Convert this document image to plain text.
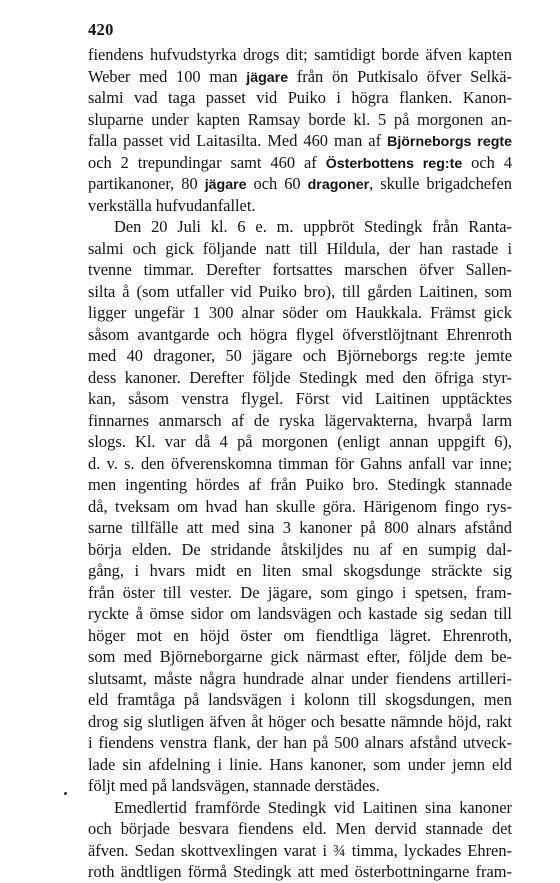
420
fiendens hufvudstyrka drogs dit; samtidigt borde äfven kapten
Weber med 100 man jägare från ön Putkisalo öfver Selkä-
salmi vad taga passet vid Puiko i högra flanken. Kanon-
sluparne under kapten Ramsay borde kl. 5 på morgonen an-
falla passet vid Laitasilta. Med 460 man af Björneborgs regte
och 2 trepundingar samt 460 af Österbottens reg:te och 4
partikanoner, 80 jägare och 60 dragoner, skulle brigadchefen
verkställa hufvudanfallet.
Den 20 Juli kl. 6 e. m. uppbröt Stedingk från Ranta-
salmi och gick följande natt till Hildula, der han rastade i
tvenne timmar. Derefter fortsattes marschen öfver Sallen-
silta å (som utfaller vid Puiko bro), till gården Laitinen, som
ligger ungefär 1 300 alnar söder om Haukkala. Främst gick
såsom avantgarde och högra flygel öfverstlöjtnant Ehrenroth
med 40 dragoner, 50 jägare och Björneborgs reg:te jemte
dess kanoner. Derefter följde Stedingk med den öfriga styr-
kan, såsom venstra flygel. Först vid Laitinen upptäcktes
finnarnes anmarsch af de ryska lägervakterna, hvarpå larm
slogs. Kl. var då 4 på morgonen (enligt annan uppgift 6),
d. v. s. den öfverenskomna timman för Gahns anfall var inne;
men ingenting hördes af från Puiko bro. Stedingk stannade
då, tveksam om hvad han skulle göra. Härigenom fingo rys-
sarne tillfälle att med sina 3 kanoner på 800 alnars afstånd
börja elden. De stridande åtskiljdes nu af en sumpig dal-
gång, i hvars midt en liten smal skogsdunge sträckte sig
från öster till vester. De jägare, som gingo i spetsen, fram-
ryckte å ömse sidor om landsvägen och kastade sig sedan till
höger mot en höjd öster om fiendtliga lägret. Ehrenroth,
som med Björneborgarne gick närmast efter, följde dem be-
slutsamt, måste några hundrade alnar under fiendens artilleri-
eld framtåga på landsvägen i kolonn till skogsdungen, men
drog sig slutligen äfven åt höger och besatte nämnde höjd, rakt
i fiendens venstra flank, der han på 500 alnars afstånd utveck-
lade sin afdelning i linie. Hans kanoner, som under jemn eld
följt med på landsvägen, stannade derstädes.
Emedlertid framförde Stedingk vid Laitinen sina kanoner
och började besvara fiendens eld. Men dervid stannade det
äfven. Sedan skottvexlingen varat i ¾ timma, lyckades Ehren-
roth ändtligen förmå Stedingk att med österbottningarne fram-
